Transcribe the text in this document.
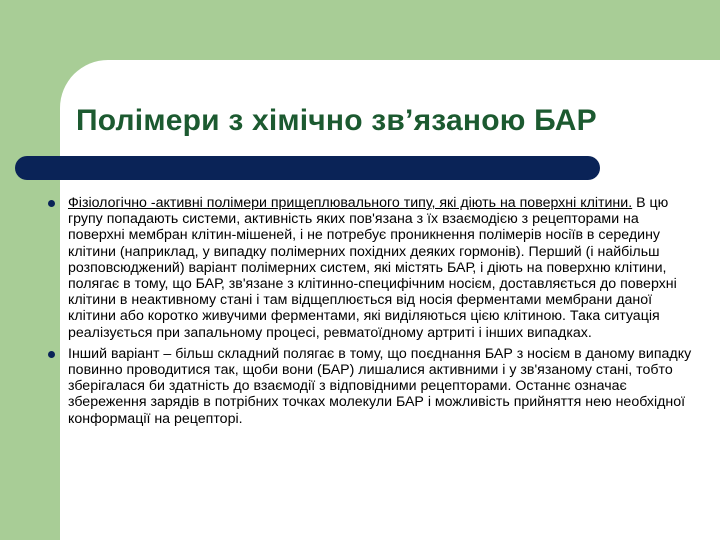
Полімери з хімічно зв’язаною БАР
Фізіологічно -активні полімери прищеплювального типу, які діють на поверхні клітини. В цю групу попадають системи, активність яких пов'язана з їх взаємодією з рецепторами на поверхні мембран клітин-мішеней, і не потребує проникнення полімерів носіїв в середину клітини (наприклад, у випадку полімерних похідних деяких гормонів). Перший (і найбільш розповсюджений) варіант полімерних систем, які містять БАР, і діють на поверхню клітини, полягає в тому, що БАР, зв'язане з клітинно-специфічним носієм, доставляється до поверхні клітини в неактивному стані і там відщеплюється від носія ферментами мембрани даної клітини або коротко живучими ферментами, які виділяються цією клітиною. Така ситуація реалізується при запальному процесі, ревматоїдному артриті і інших випадках.
Інший варіант – більш складний полягає в тому, що поєднання БАР з носієм в даному випадку повинно проводитися так, щоби вони (БАР) лишалися активними і у зв'язаному стані, тобто зберігалася би здатність до взаємодії з відповідними рецепторами. Останнє означає збереження зарядів в потрібних точках молекули БАР і можливість прийняття нею необхідної конформації на рецепторі.
